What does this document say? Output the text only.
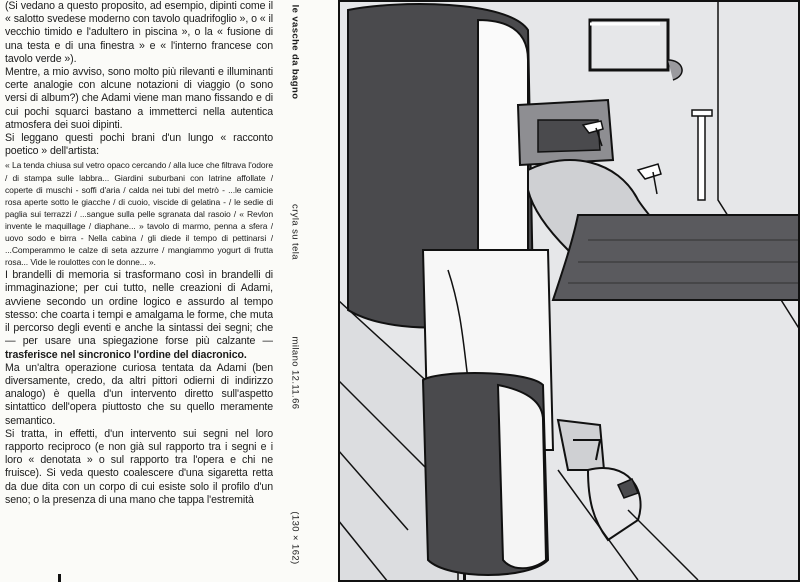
(Si vedano a questo proposito, ad esempio, dipinti come il « salotto svedese moderno con tavolo quadrifoglio », o « il vecchio timido e l'adultero in piscina », o la « fusione di una testa e di una finestra » e « l'interno francese con tavolo verde »).

Mentre, a mio avviso, sono molto più rilevanti e illuminanti certe analogie con alcune notazioni di viaggio (o sono versi di album?) che Adami viene man mano fissando e di cui pochi squarci bastano a immetterci nella autentica atmosfera dei suoi dipinti.

Si leggano questi pochi brani d'un lungo « racconto poetico » dell'artista:

« La tenda chiusa sul vetro opaco cercando / alla luce che filtrava l'odore / di stampa sulle labbra... Giardini suburbani con latrine affollate / coperte di muschi - soffi d'aria / calda nei tubi del metrò - ...le camicie rosa aperte sotto le giacche / di cuoio, viscide di gelatina - / le sedie di paglia sui terrazzi / ...sangue sulla pelle sgranata dal rasoio / « Revlon invente le maquillage / diaphane... » tavolo di marmo, penna a sfera / uovo sodo e birra - Nella cabina / gli diede il tempo di pettinarsi / ...Comperammo le calze di seta azzurre / mangiammo yogurt di frutta rosa... Vide le roulottes con le donne... ».

I brandelli di memoria si trasformano così in brandelli di immaginazione; per cui tutto, nelle creazioni di Adami, avviene secondo un ordine logico e assurdo al tempo stesso: che coarta i tempi e amalgama le forme, che muta il percorso degli eventi e anche la sintassi dei segni; che — per usare una spiegazione forse più calzante — trasferisce nel sincronico l'ordine del diacronico.

Ma un'altra operazione curiosa tentata da Adami (ben diversamente, credo, da altri pittori odierni di indirizzo analogo) è quella d'un intervento diretto sull'aspetto sintattico dell'opera piuttosto che su quello meramente semantico.

Si tratta, in effetti, d'un intervento sui segni nel loro rapporto reciproco (e non già sul rapporto tra i segni e i loro « denotata » o sul rapporto tra l'opera e chi ne fruisce). Si veda questo coalescere d'una sigaretta retta da due dita con un corpo di cui esiste solo il profilo d'un seno; o la presenza di una mano che tappa l'estremità

le vasche da bagno
cryla su tela
milano 12.11.66
(130 × 162)
